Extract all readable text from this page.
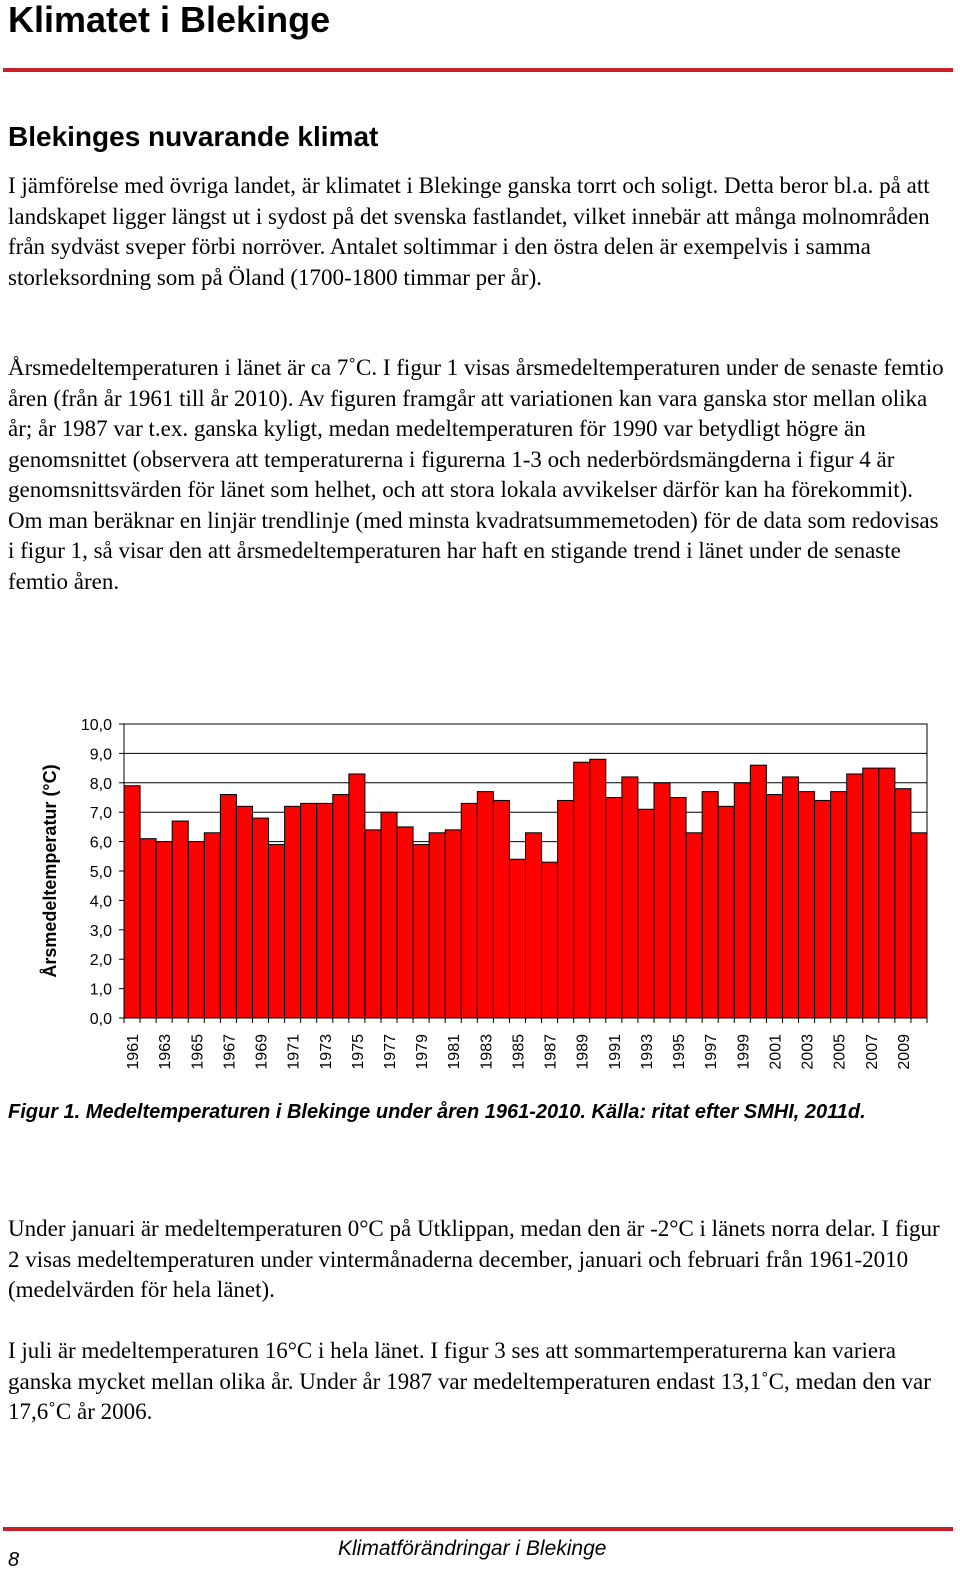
Klimatet i Blekinge
Blekinges nuvarande klimat

I jämförelse med övriga landet, är klimatet i Blekinge ganska torrt och soligt. Detta beror bl.a. på att landskapet ligger längst ut i sydost på det svenska fastlandet, vilket innebär att många molnområden från sydväst sveper förbi norröver. Antalet soltimmar i den östra delen är exempelvis i samma storleksordning som på Öland (1700-1800 timmar per år).

Årsmedeltemperaturen i länet är ca 7˚C. I figur 1 visas årsmedeltemperaturen under de senaste femtio åren (från år 1961 till år 2010). Av figuren framgår att variationen kan vara ganska stor mellan olika år; år 1987 var t.ex. ganska kyligt, medan medeltemperaturen för 1990 var betydligt högre än genomsnittet (observera att temperaturerna i figurerna 1-3 och nederbördsmängderna i figur 4 är genomsnittsvärden för länet som helhet, och att stora lokala avvikelser därför kan ha förekommit). Om man beräknar en linjär trendlinje (med minsta kvadratsummemetoden) för de data som redovisas i figur 1, så visar den att årsmedeltemperaturen har haft en stigande trend i länet under de senaste femtio åren.

0,0
1,0
2,0
3,0
4,0
5,0
6,0
7,0
8,0
9,0
10,0
1961 1963 1965 1967 1969 1971 1973 1975 1977 1979 1981 1983 1985 1987 1989 1991 1993 1995 1997 1999 2001 2003 2005 2007 2009
Årsmedeltemperatur (°C)

Figur 1. Medeltemperaturen i Blekinge under åren 1961-2010. Källa: ritat efter SMHI, 2011d.

Under januari är medeltemperaturen 0°C på Utklippan, medan den är -2°C i länets norra delar. I figur 2 visas medeltemperaturen under vintermånaderna december, januari och februari från 1961-2010 (medelvärden för hela länet).

I juli är medeltemperaturen 16°C i hela länet. I figur 3 ses att sommartemperaturerna kan variera ganska mycket mellan olika år. Under år 1987 var medeltemperaturen endast 13,1˚C, medan den var 17,6˚C år 2006.

8	Klimatförändringar i Blekinge
